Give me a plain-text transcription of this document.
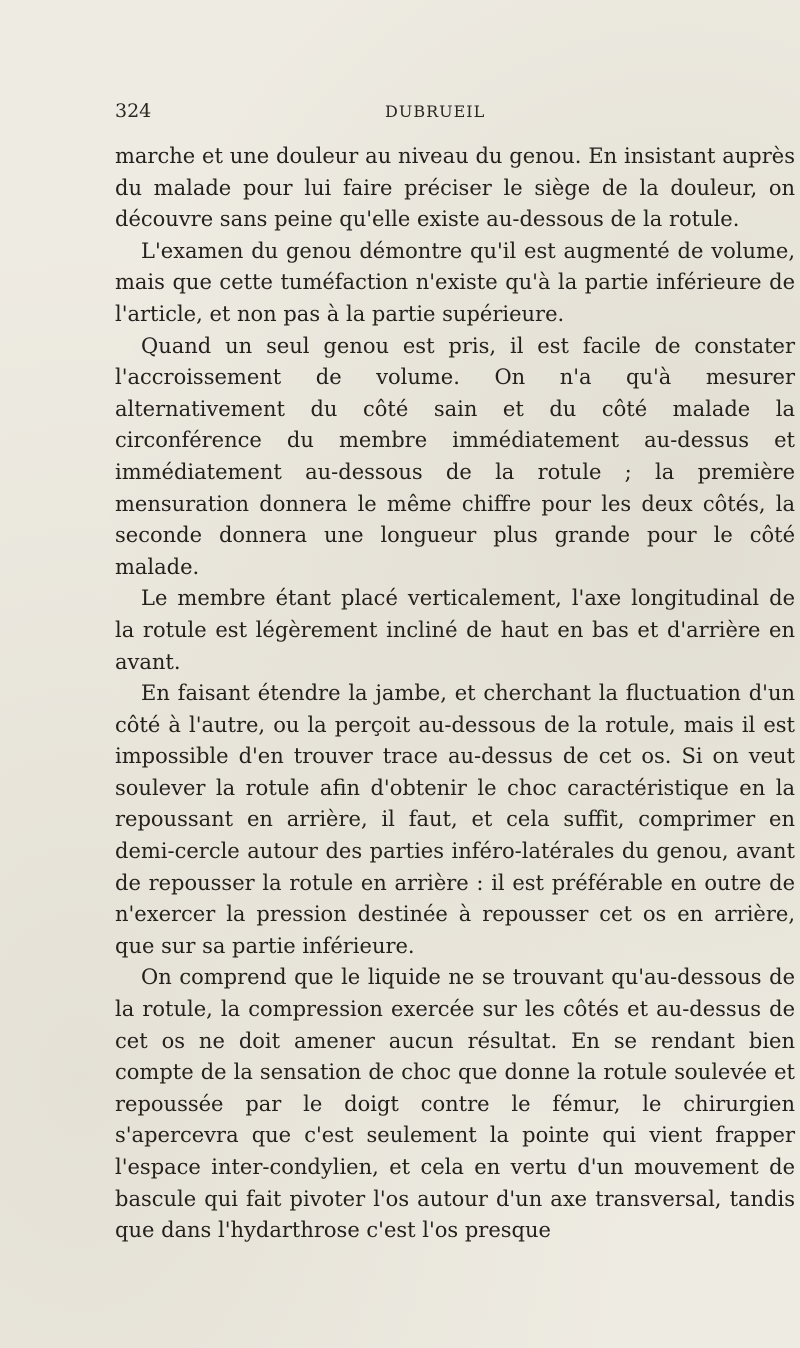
324	DUBRUEIL

marche et une douleur au niveau du genou. En insistant auprès du malade pour lui faire préciser le siège de la douleur, on découvre sans peine qu'elle existe au-dessous de la rotule.

L'examen du genou démontre qu'il est augmenté de volume, mais que cette tuméfaction n'existe qu'à la partie inférieure de l'article, et non pas à la partie supérieure.

Quand un seul genou est pris, il est facile de constater l'accroissement de volume. On n'a qu'à mesurer alternativement du côté sain et du côté malade la circonférence du membre immédiatement au-dessus et immédiatement au-dessous de la rotule ; la première mensuration donnera le même chiffre pour les deux côtés, la seconde donnera une longueur plus grande pour le côté malade.

Le membre étant placé verticalement, l'axe longitudinal de la rotule est légèrement incliné de haut en bas et d'arrière en avant.

En faisant étendre la jambe, et cherchant la fluctuation d'un côté à l'autre, ou la perçoit au-dessous de la rotule, mais il est impossible d'en trouver trace au-dessus de cet os. Si on veut soulever la rotule afin d'obtenir le choc caractéristique en la repoussant en arrière, il faut, et cela suffit, comprimer en demi-cercle autour des parties inféro-latérales du genou, avant de repousser la rotule en arrière : il est préférable en outre de n'exercer la pression destinée à repousser cet os en arrière, que sur sa partie inférieure.

On comprend que le liquide ne se trouvant qu'au-dessous de la rotule, la compression exercée sur les côtés et au-dessus de cet os ne doit amener aucun résultat. En se rendant bien compte de la sensation de choc que donne la rotule soulevée et repoussée par le doigt contre le fémur, le chirurgien s'apercevra que c'est seulement la pointe qui vient frapper l'espace inter-condylien, et cela en vertu d'un mouvement de bascule qui fait pivoter l'os autour d'un axe transversal, tandis que dans l'hydarthrose c'est l'os presque
